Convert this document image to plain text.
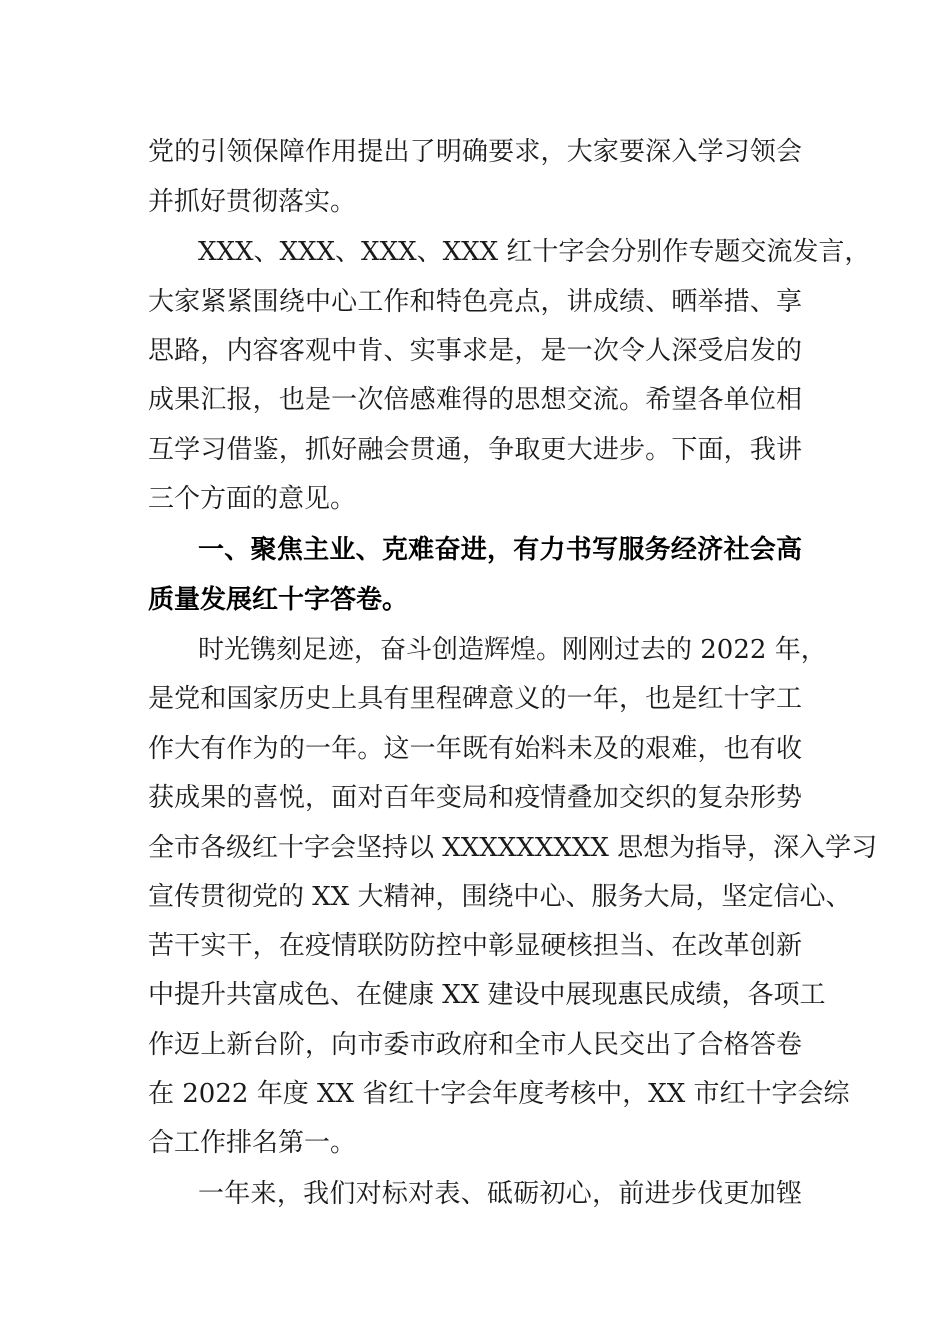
党的引领保障作用提出了明确要求，大家要深入学习领会
并抓好贯彻落实。
XXX、XXX、XXX、XXX 红十字会分别作专题交流发言，
大家紧紧围绕中心工作和特色亮点，讲成绩、晒举措、享
思路，内容客观中肯、实事求是，是一次令人深受启发的
成果汇报，也是一次倍感难得的思想交流。希望各单位相
互学习借鉴，抓好融会贯通，争取更大进步。下面，我讲
三个方面的意见。
一、聚焦主业、克难奋进，有力书写服务经济社会高
质量发展红十字答卷。
时光镌刻足迹，奋斗创造辉煌。刚刚过去的 2022 年，
是党和国家历史上具有里程碑意义的一年，也是红十字工
作大有作为的一年。这一年既有始料未及的艰难，也有收
获成果的喜悦，面对百年变局和疫情叠加交织的复杂形势
全市各级红十字会坚持以 XXXXXXXXX 思想为指导，深入学习
宣传贯彻党的 XX 大精神，围绕中心、服务大局，坚定信心、
苦干实干，在疫情联防防控中彰显硬核担当、在改革创新
中提升共富成色、在健康 XX 建设中展现惠民成绩，各项工
作迈上新台阶，向市委市政府和全市人民交出了合格答卷
在 2022 年度 XX 省红十字会年度考核中，XX 市红十字会综
合工作排名第一。
一年来，我们对标对表、砥砺初心，前进步伐更加铿
